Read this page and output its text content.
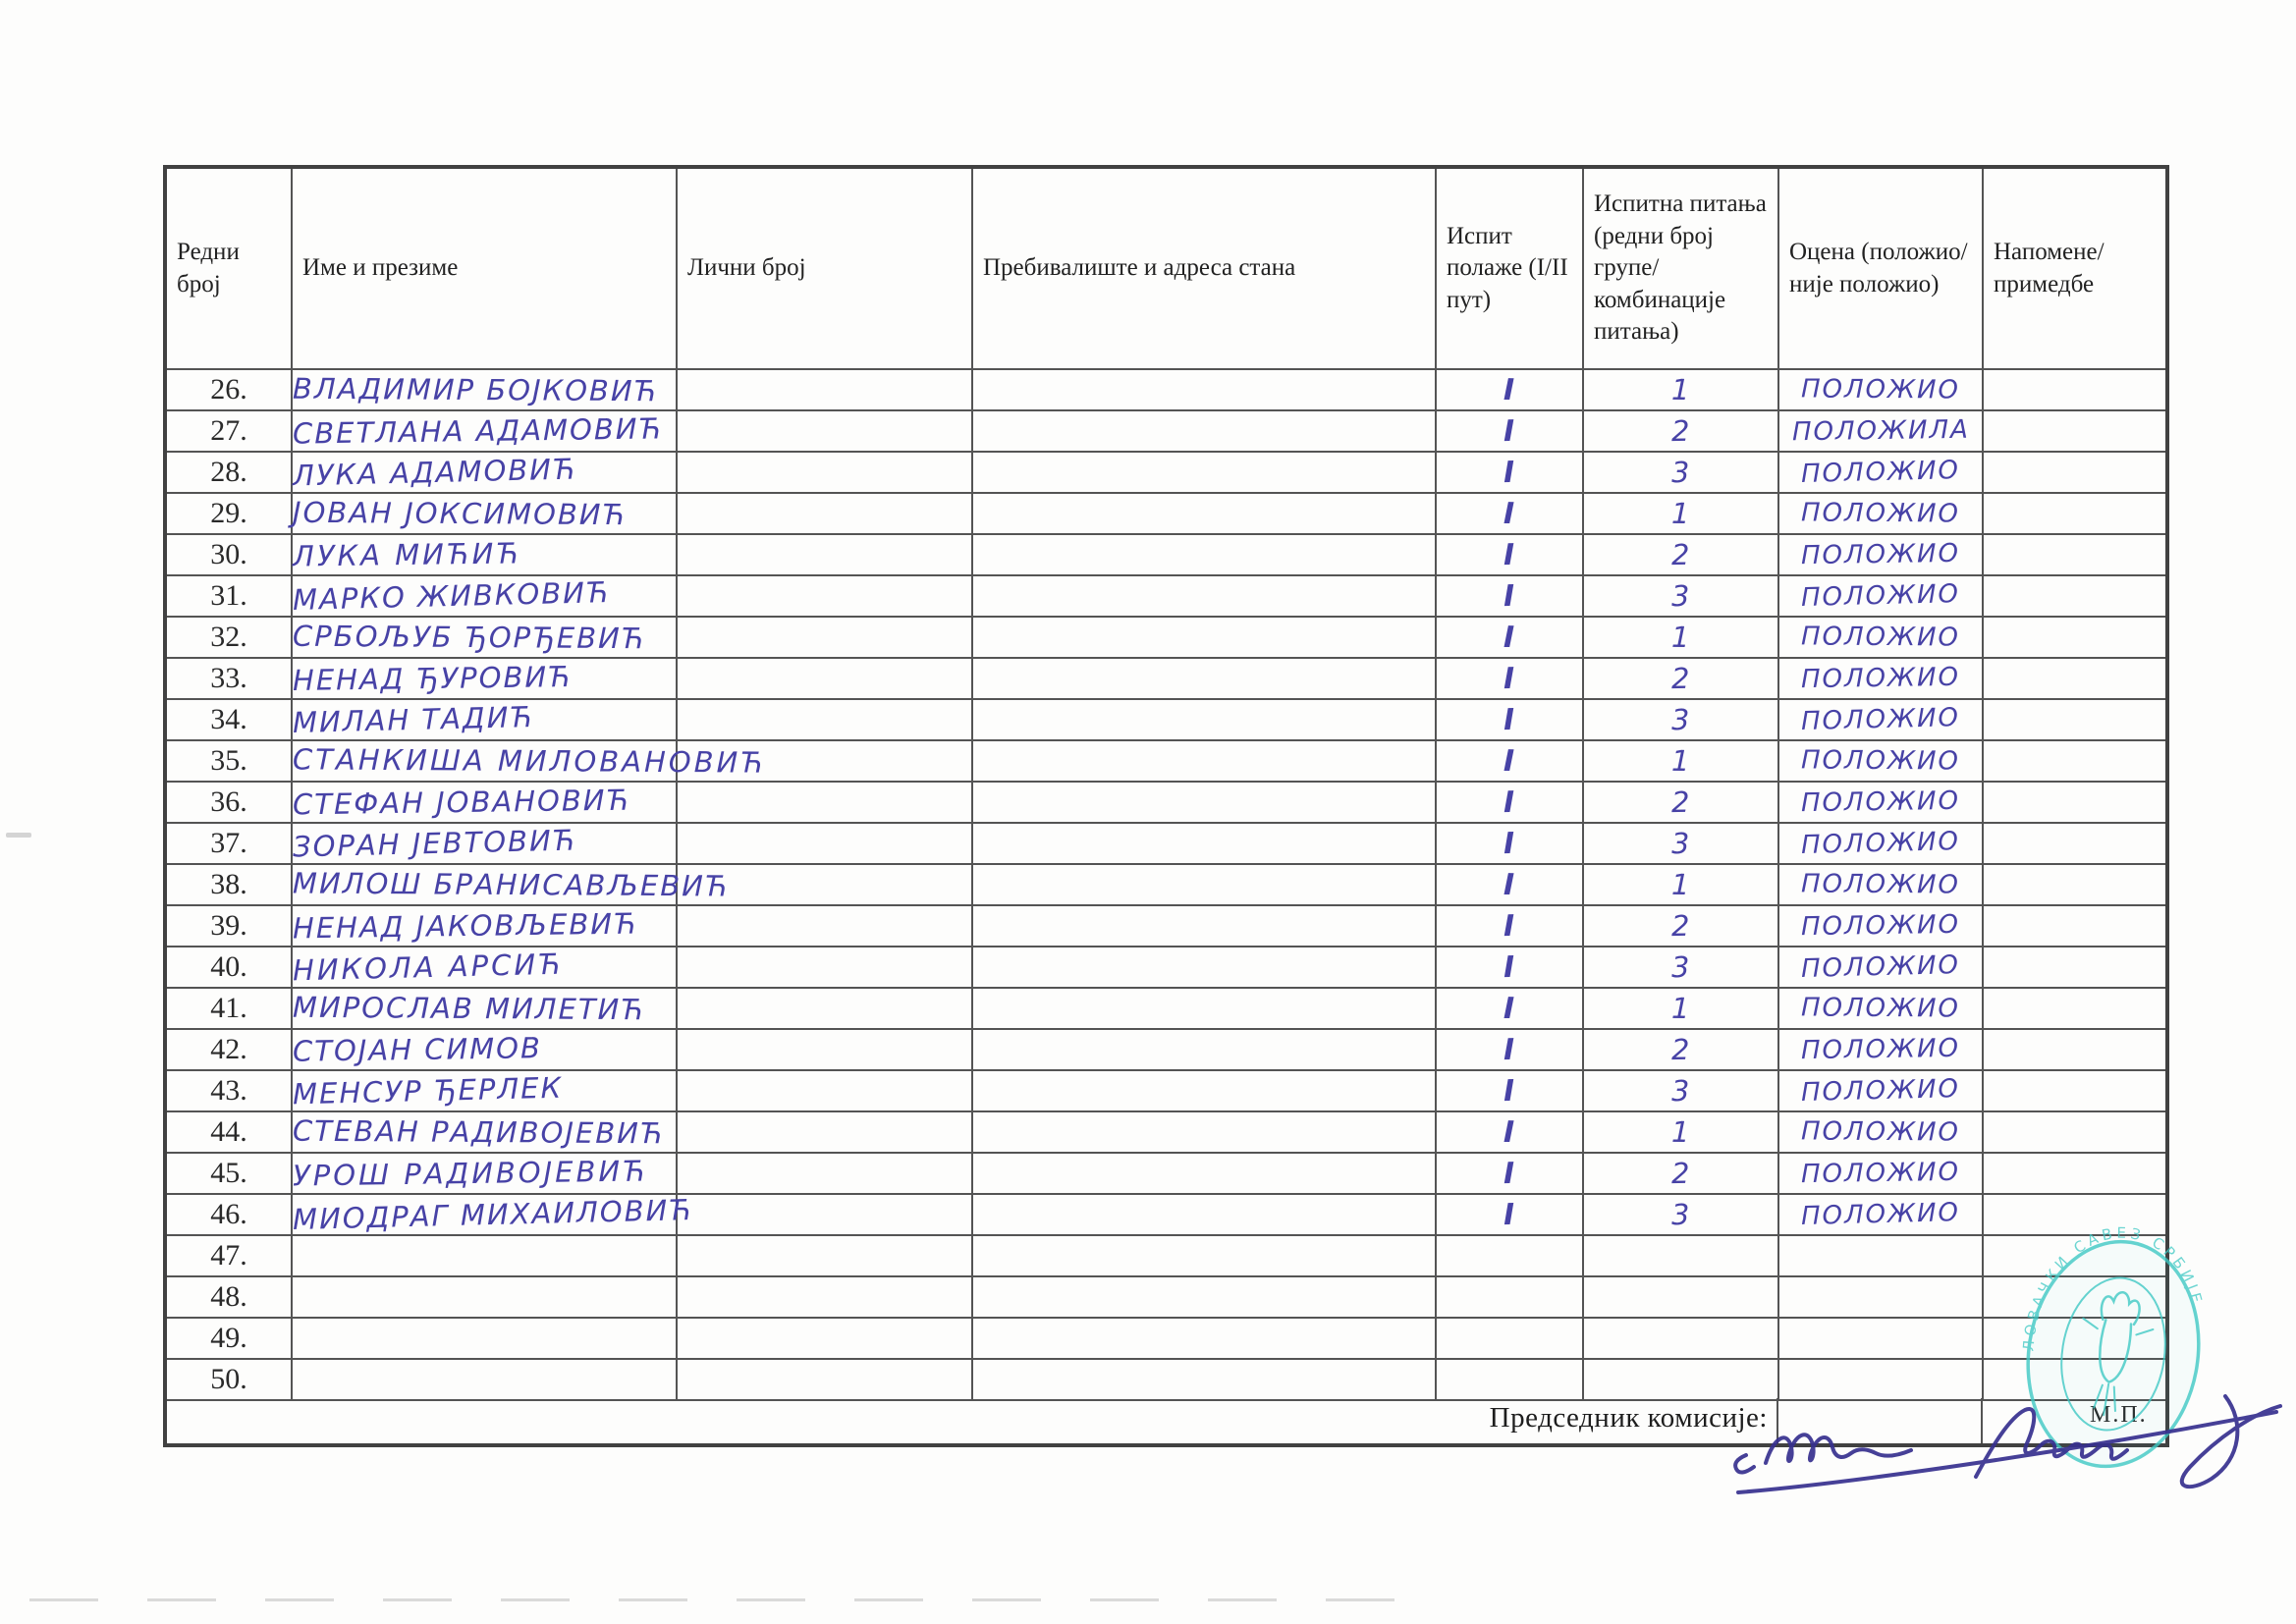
Редни број	Име и презиме	Лични број	Пребивалиште и адреса стана	Испит полаже (I/II пут)	Испитна питања (редни број групе/ комбинације питања)	Оцена (положио/ није положио)	Напомене/ примедбе
26.	ВЛАДИМИР БОЈКОВИЋ			I	1	ПОЛОЖИО	
27.	СВЕТЛАНА АДАМОВИЋ			I	2	ПОЛОЖИЛА	
28.	ЛУКА АДАМОВИЋ			I	3	ПОЛОЖИО	
29.	ЈОВАН ЈОКСИМОВИЋ			I	1	ПОЛОЖИО	
30.	ЛУКА МИЋИЋ			I	2	ПОЛОЖИО	
31.	МАРКО ЖИВКОВИЋ			I	3	ПОЛОЖИО	
32.	СРБОЉУБ ЂОРЂЕВИЋ			I	1	ПОЛОЖИО	
33.	НЕНАД ЂУРОВИЋ			I	2	ПОЛОЖИО	
34.	МИЛАН ТАДИЋ			I	3	ПОЛОЖИО	
35.	СТАНКИША МИЛОВАНОВИЋ			I	1	ПОЛОЖИО	
36.	СТЕФАН ЈОВАНОВИЋ			I	2	ПОЛОЖИО	
37.	ЗОРАН ЈЕВТОВИЋ			I	3	ПОЛОЖИО	
38.	МИЛОШ БРАНИСАВЉЕВИЋ			I	1	ПОЛОЖИО	
39.	НЕНАД ЈАКОВЉЕВИЋ			I	2	ПОЛОЖИО	
40.	НИКОЛА АРСИЋ			I	3	ПОЛОЖИО	
41.	МИРОСЛАВ МИЛЕТИЋ			I	1	ПОЛОЖИО	
42.	СТОЈАН СИМОВ			I	2	ПОЛОЖИО	
43.	МЕНСУР ЂЕРЛЕК			I	3	ПОЛОЖИО	
44.	СТЕВАН РАДИВОЈЕВИЋ			I	1	ПОЛОЖИО	
45.	УРОШ РАДИВОЈЕВИЋ			I	2	ПОЛОЖИО	
46.	МИОДРАГ МИХАИЛОВИЋ			I	3	ПОЛОЖИО	
47.							
48.							
49.							
50.							

Председник комисије:	М.П.
ЛОВАЧКИ САВЕЗ СРБИЈЕ
